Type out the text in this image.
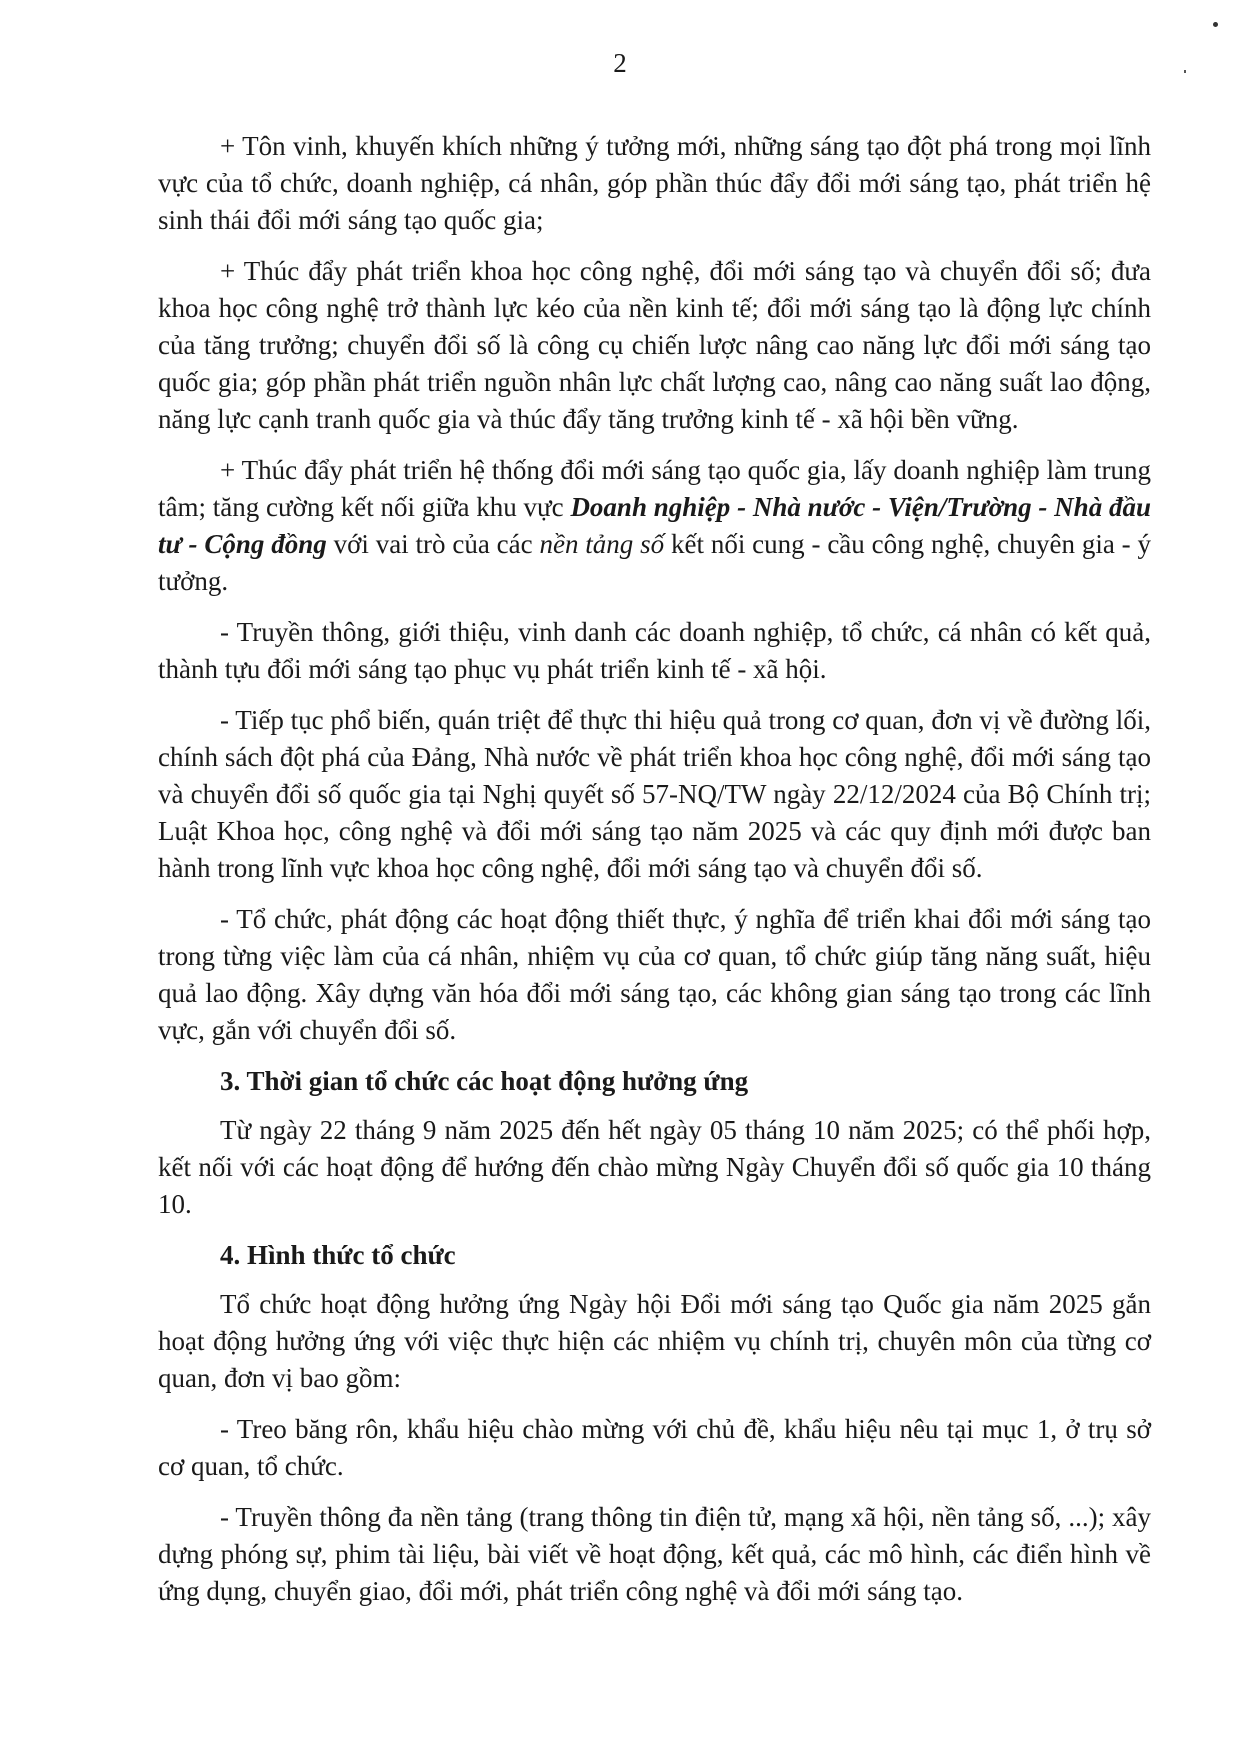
2

+ Tôn vinh, khuyến khích những ý tưởng mới, những sáng tạo đột phá trong mọi lĩnh vực của tổ chức, doanh nghiệp, cá nhân, góp phần thúc đẩy đổi mới sáng tạo, phát triển hệ sinh thái đổi mới sáng tạo quốc gia;

+ Thúc đẩy phát triển khoa học công nghệ, đổi mới sáng tạo và chuyển đổi số; đưa khoa học công nghệ trở thành lực kéo của nền kinh tế; đổi mới sáng tạo là động lực chính của tăng trưởng; chuyển đổi số là công cụ chiến lược nâng cao năng lực đổi mới sáng tạo quốc gia; góp phần phát triển nguồn nhân lực chất lượng cao, nâng cao năng suất lao động, năng lực cạnh tranh quốc gia và thúc đẩy tăng trưởng kinh tế - xã hội bền vững.

+ Thúc đẩy phát triển hệ thống đổi mới sáng tạo quốc gia, lấy doanh nghiệp làm trung tâm; tăng cường kết nối giữa khu vực Doanh nghiệp - Nhà nước - Viện/Trường - Nhà đầu tư - Cộng đồng với vai trò của các nền tảng số kết nối cung - cầu công nghệ, chuyên gia - ý tưởng.

- Truyền thông, giới thiệu, vinh danh các doanh nghiệp, tổ chức, cá nhân có kết quả, thành tựu đổi mới sáng tạo phục vụ phát triển kinh tế - xã hội.

- Tiếp tục phổ biến, quán triệt để thực thi hiệu quả trong cơ quan, đơn vị về đường lối, chính sách đột phá của Đảng, Nhà nước về phát triển khoa học công nghệ, đổi mới sáng tạo và chuyển đổi số quốc gia tại Nghị quyết số 57-NQ/TW ngày 22/12/2024 của Bộ Chính trị; Luật Khoa học, công nghệ và đổi mới sáng tạo năm 2025 và các quy định mới được ban hành trong lĩnh vực khoa học công nghệ, đổi mới sáng tạo và chuyển đổi số.

- Tổ chức, phát động các hoạt động thiết thực, ý nghĩa để triển khai đổi mới sáng tạo trong từng việc làm của cá nhân, nhiệm vụ của cơ quan, tổ chức giúp tăng năng suất, hiệu quả lao động. Xây dựng văn hóa đổi mới sáng tạo, các không gian sáng tạo trong các lĩnh vực, gắn với chuyển đổi số.

3. Thời gian tổ chức các hoạt động hưởng ứng

Từ ngày 22 tháng 9 năm 2025 đến hết ngày 05 tháng 10 năm 2025; có thể phối hợp, kết nối với các hoạt động để hướng đến chào mừng Ngày Chuyển đổi số quốc gia 10 tháng 10.

4. Hình thức tổ chức

Tổ chức hoạt động hưởng ứng Ngày hội Đổi mới sáng tạo Quốc gia năm 2025 gắn hoạt động hưởng ứng với việc thực hiện các nhiệm vụ chính trị, chuyên môn của từng cơ quan, đơn vị bao gồm:

- Treo băng rôn, khẩu hiệu chào mừng với chủ đề, khẩu hiệu nêu tại mục 1, ở trụ sở cơ quan, tổ chức.

- Truyền thông đa nền tảng (trang thông tin điện tử, mạng xã hội, nền tảng số, ...); xây dựng phóng sự, phim tài liệu, bài viết về hoạt động, kết quả, các mô hình, các điển hình về ứng dụng, chuyển giao, đổi mới, phát triển công nghệ và đổi mới sáng tạo.
